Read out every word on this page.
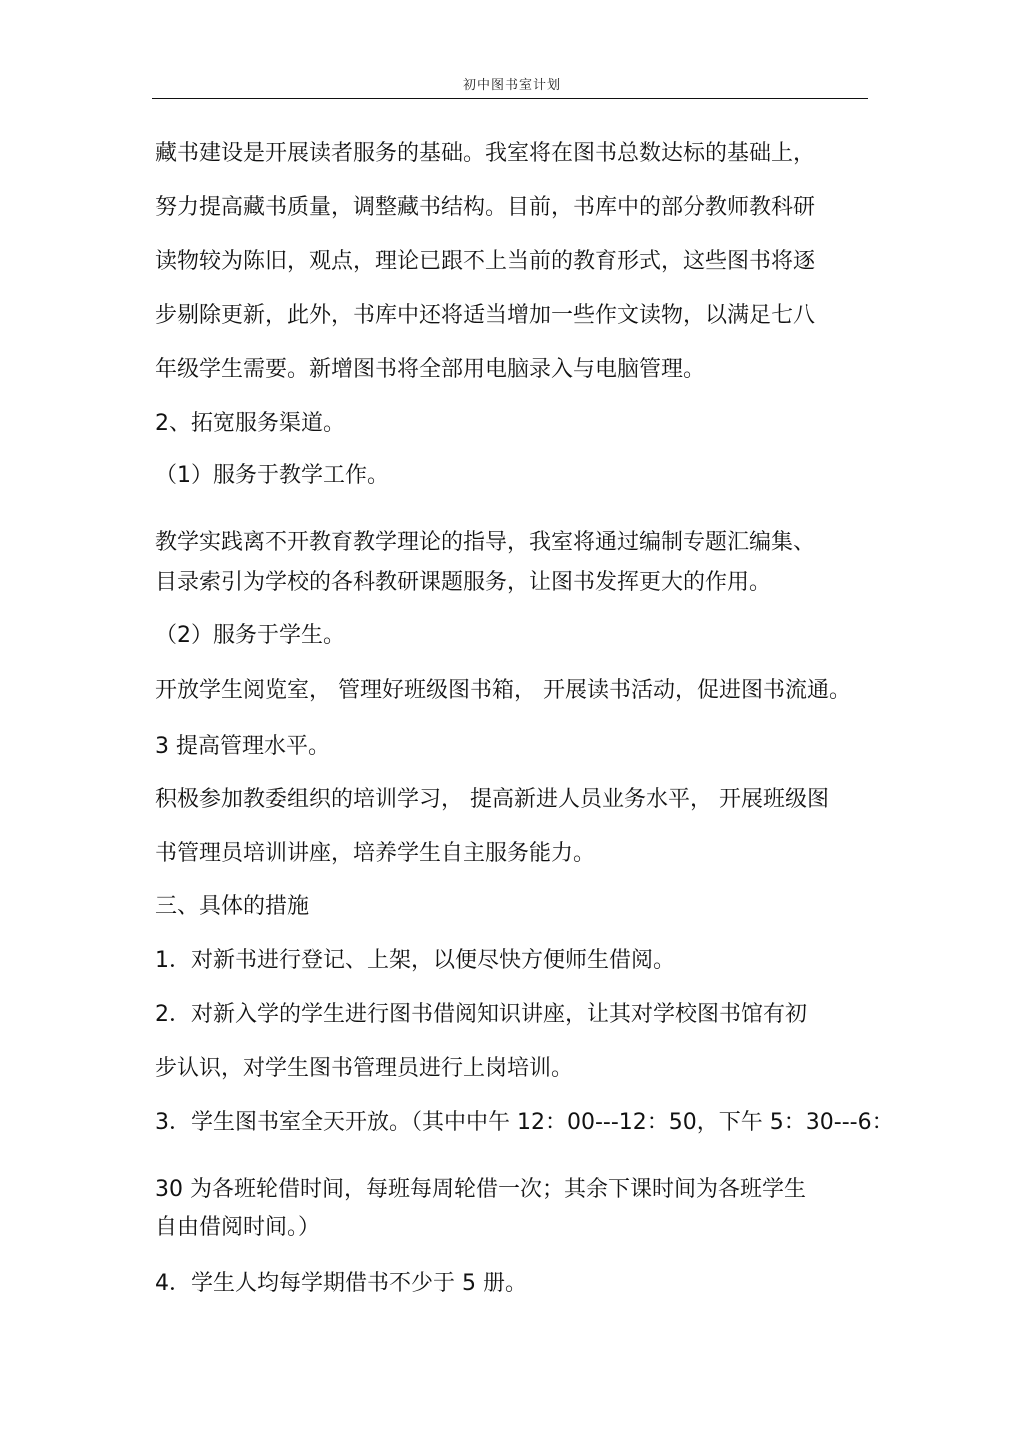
初中图书室计划
藏书建设是开展读者服务的基础。我室将在图书总数达标的基础上，
努力提高藏书质量，调整藏书结构。目前，书库中的部分教师教科研
读物较为陈旧，观点，理论已跟不上当前的教育形式，这些图书将逐
步剔除更新，此外，书库中还将适当增加一些作文读物，以满足七八
年级学生需要。新增图书将全部用电脑录入与电脑管理。
2、拓宽服务渠道。
（1）服务于教学工作。
教学实践离不开教育教学理论的指导，我室将通过编制专题汇编集、
目录索引为学校的各科教研课题服务，让图书发挥更大的作用。
（2）服务于学生。
开放学生阅览室， 管理好班级图书箱， 开展读书活动，促进图书流通。
3 提高管理水平。
积极参加教委组织的培训学习， 提高新进人员业务水平， 开展班级图
书管理员培训讲座，培养学生自主服务能力。
三、具体的措施
1．对新书进行登记、上架，以便尽快方便师生借阅。
2．对新入学的学生进行图书借阅知识讲座，让其对学校图书馆有初
步认识，对学生图书管理员进行上岗培训。
3．学生图书室全天开放。（其中中午 12：00---12：50，下午 5：30---6：
30 为各班轮借时间，每班每周轮借一次；其余下课时间为各班学生
自由借阅时间。）
4．学生人均每学期借书不少于 5 册。
